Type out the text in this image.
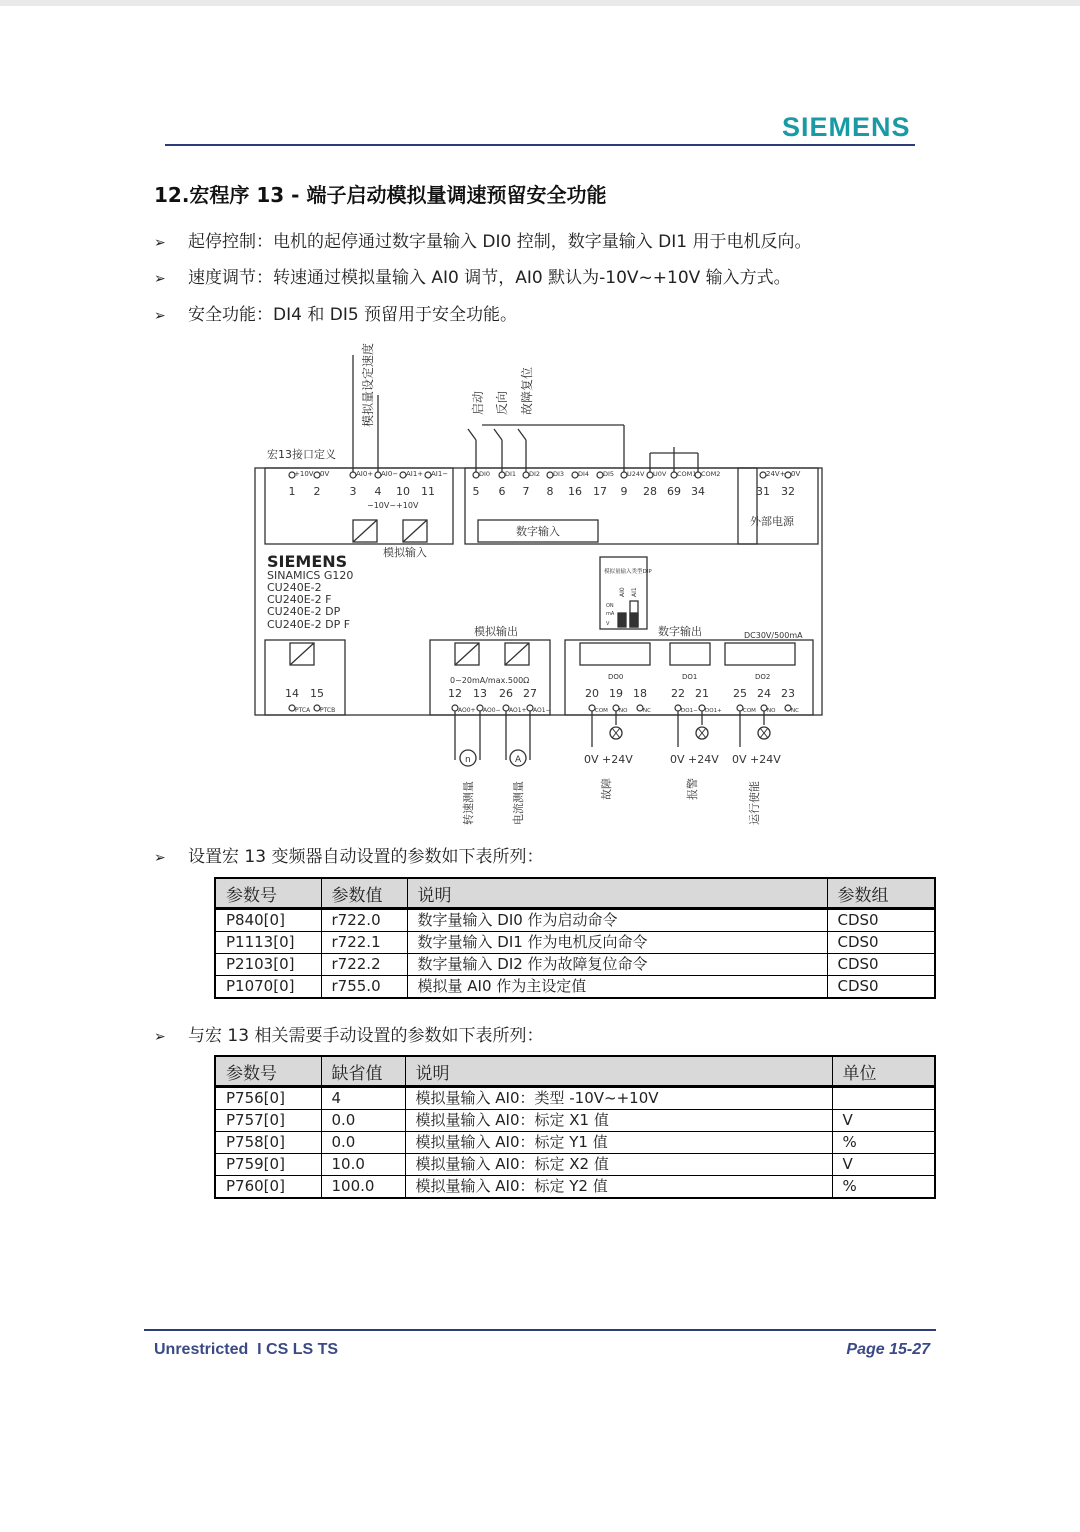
SIEMENS
12.宏程序 13 - 端子启动模拟量调速预留安全功能
➢ 起停控制：电机的起停通过数字量输入 DI0 控制，数字量输入 DI1 用于电机反向。
➢ 速度调节：转速通过模拟量输入 AI0 调节，AI0 默认为-10V~+10V 输入方式。
➢ 安全功能：DI4 和 DI5 预留用于安全功能。
模拟量设定速度	启动 反向 故障复位
宏13接口定义
+10V 0V	AI0+ AI0− AI1+ AI1−
1 2	3 4 10 11
−10V~+10V
模拟输入
DI0 DI1 DI2 DI3 DI4 DI5 U24V U0V COM1 COM2
5 6 7 8 16 17 9 28 69 34
数字输入
24V+ 0V
31 32
外部电源
SIEMENS
SINAMICS G120
CU240E-2
CU240E-2 F
CU240E-2 DP
CU240E-2 DP F
模拟量输入类型DIP
AI0 AI1
ON
mA
V
模拟输出	数字输出	DC30V/500mA
14 15
PTCA PTCB
0~20mA/max.500Ω
12 13 26 27
AO0+ AO0− AO1+ AO1−
DO0	DO1	DO2
20 19 18 22 21 25 24 23
COM NO	NC	DO1− DO1+	COM NO	NC
n	A
转速测量	电流测量
0V +24V	0V +24V 0V +24V
故障	报警	运行使能
➢ 设置宏 13 变频器自动设置的参数如下表所列：
参数号	参数值	说明	参数组
P840[0]	r722.0	数字量输入 DI0 作为启动命令	CDS0
P1113[0]	r722.1	数字量输入 DI1 作为电机反向命令	CDS0
P2103[0]	r722.2	数字量输入 DI2 作为故障复位命令	CDS0
P1070[0]	r755.0	模拟量 AI0 作为主设定值	CDS0
➢ 与宏 13 相关需要手动设置的参数如下表所列：
参数号	缺省值	说明	单位
P756[0]	4	模拟量输入 AI0：类型 -10V~+10V	
P757[0]	0.0	模拟量输入 AI0：标定 X1 值	V
P758[0]	0.0	模拟量输入 AI0：标定 Y1 值	%
P759[0]	10.0	模拟量输入 AI0：标定 X2 值	V
P760[0]	100.0	模拟量输入 AI0：标定 Y2 值	%
Unrestricted  I CS LS TS	Page 15-27
